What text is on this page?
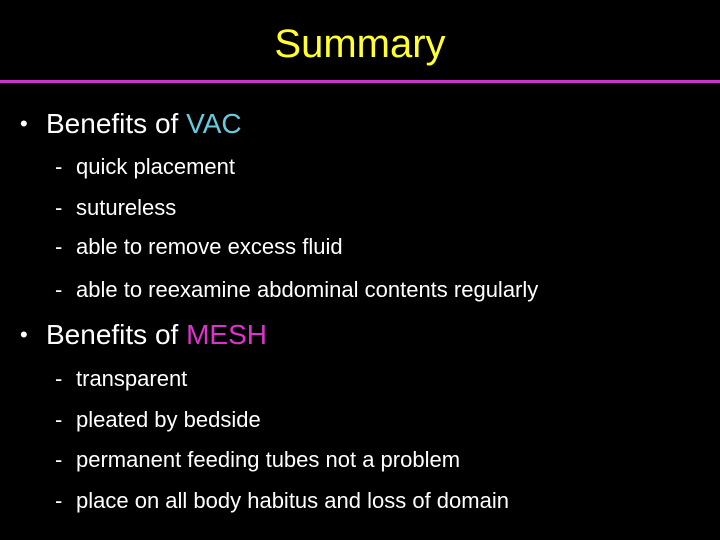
Summary
• Benefits of VAC
- quick placement
- sutureless
- able to remove excess fluid
- able to reexamine abdominal contents regularly
• Benefits of MESH
- transparent
- pleated by bedside
- permanent feeding tubes not a problem
- place on all body habitus and loss of domain
